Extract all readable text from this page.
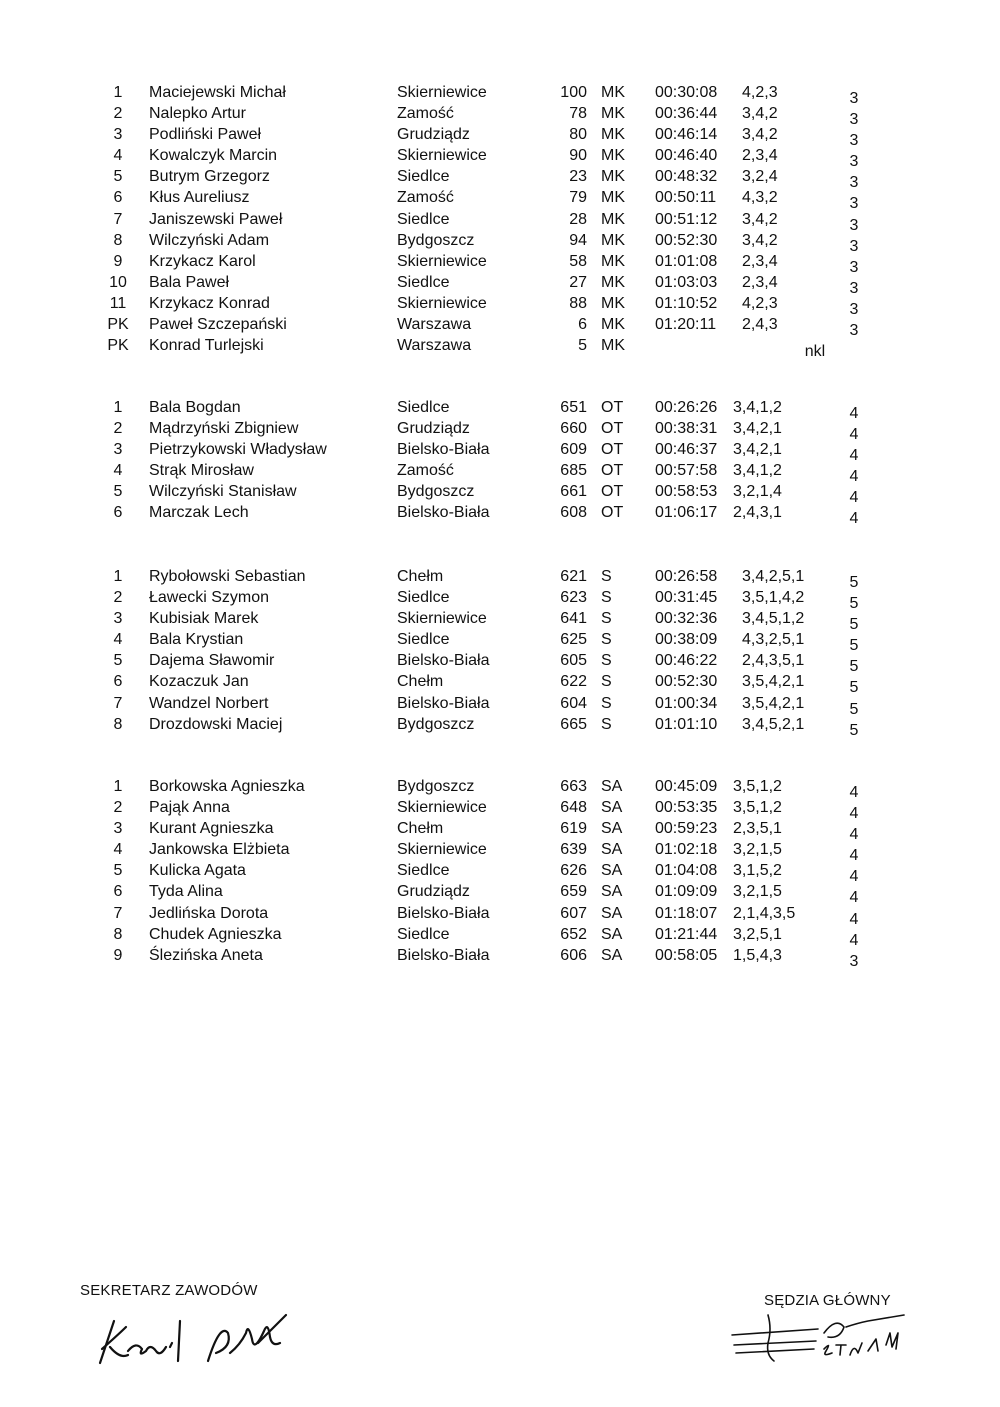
1	Maciejewski Michał	Skierniewice	100 MK 00:30:08 4,2,3	3
2	Nalepko Artur	Zamość	78 MK 00:36:44 3,4,2	3
3	Podliński Paweł	Grudziądz	80 MK 00:46:14 3,4,2	3
4	Kowalczyk Marcin	Skierniewice	90 MK 00:46:40 2,3,4	3
5	Butrym Grzegorz	Siedlce	23 MK 00:48:32 3,2,4	3
6	Kłus Aureliusz	Zamość	79 MK 00:50:11 4,3,2	3
7	Janiszewski Paweł	Siedlce	28 MK 00:51:12 3,4,2	3
8	Wilczyński Adam	Bydgoszcz	94 MK 00:52:30 3,4,2	3
9	Krzykacz Karol	Skierniewice	58 MK 01:01:08 2,3,4	3
10	Bala Paweł	Siedlce	27 MK 01:03:03 2,3,4	3
11	Krzykacz Konrad	Skierniewice	88 MK 01:10:52 4,2,3	3
PK	Paweł Szczepański	Warszawa	6 MK 01:20:11 2,4,3	3
PK	Konrad Turlejski	Warszawa	5 MK	nkl
1	Bala Bogdan	Siedlce	651 OT 00:26:26 3,4,1,2	4
2	Mądrzyński Zbigniew	Grudziądz	660 OT 00:38:31 3,4,2,1	4
3	Pietrzykowski Władysław	Bielsko-Biała	609 OT 00:46:37 3,4,2,1	4
4	Strąk Mirosław	Zamość	685 OT 00:57:58 3,4,1,2	4
5	Wilczyński Stanisław	Bydgoszcz	661 OT 00:58:53 3,2,1,4	4
6	Marczak Lech	Bielsko-Biała	608 OT 01:06:17 2,4,3,1	4
1	Rybołowski Sebastian	Chełm	621 S	00:26:58 3,4,2,5,1	5
2	Ławecki Szymon	Siedlce	623 S	00:31:45 3,5,1,4,2	5
3	Kubisiak Marek	Skierniewice	641 S	00:32:36 3,4,5,1,2	5
4	Bala Krystian	Siedlce	625 S	00:38:09 4,3,2,5,1	5
5	Dajema Sławomir	Bielsko-Biała	605 S	00:46:22 2,4,3,5,1	5
6	Kozaczuk Jan	Chełm	622 S	00:52:30 3,5,4,2,1	5
7	Wandzel Norbert	Bielsko-Biała	604 S	01:00:34 3,5,4,2,1	5
8	Drozdowski Maciej	Bydgoszcz	665 S	01:01:10 3,4,5,2,1	5
1	Borkowska Agnieszka	Bydgoszcz	663 SA 00:45:09 3,5,1,2	4
2	Pająk Anna	Skierniewice	648 SA 00:53:35 3,5,1,2	4
3	Kurant Agnieszka	Chełm	619 SA 00:59:23 2,3,5,1	4
4	Jankowska Elżbieta	Skierniewice	639 SA 01:02:18 3,2,1,5	4
5	Kulicka Agata	Siedlce	626 SA 01:04:08 3,1,5,2	4
6	Tyda Alina	Grudziądz	659 SA 01:09:09 3,2,1,5	4
7	Jedlińska Dorota	Bielsko-Biała	607 SA 01:18:07 2,1,4,3,5	4
8	Chudek Agnieszka	Siedlce	652 SA 01:21:44 3,2,5,1	4
9	Ślezińska Aneta	Bielsko-Biała	606 SA 00:58:05 1,5,4,3	3
SEKRETARZ ZAWODÓW
SĘDZIA GŁÓWNY
